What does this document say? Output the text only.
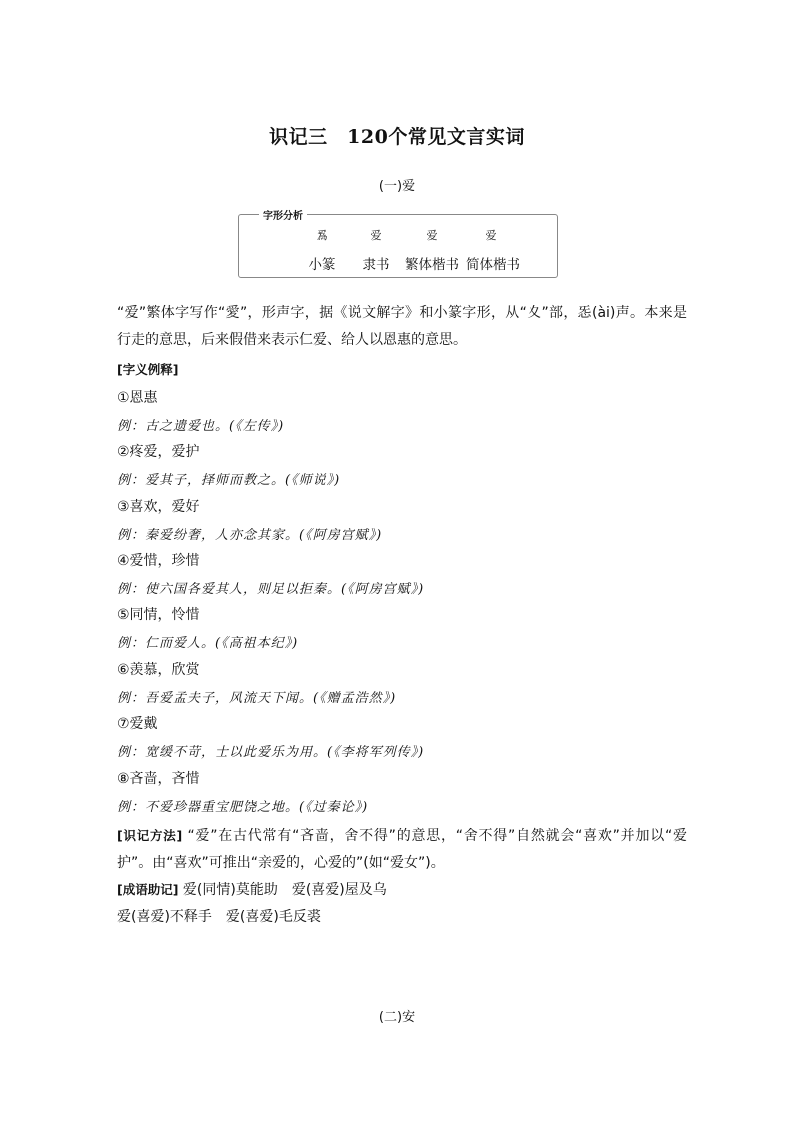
识记三　120个常见文言实词
(一)爱
字形分析
𤔡	爱	爱	爱
小篆	隶书	繁体楷书 简体楷书
“爱”繁体字写作“愛”，形声字，据《说文解字》和小篆字形，从“夊”部，㤅(ài)声。本来是行走的意思，后来假借来表示仁爱、给人以恩惠的意思。
[字义例释]
①恩惠
例：古之遗爱也。(《左传》)
②疼爱，爱护
例：爱其子，择师而教之。(《师说》)
③喜欢，爱好
例：秦爱纷奢，人亦念其家。(《阿房宫赋》)
④爱惜，珍惜
例：使六国各爱其人，则足以拒秦。(《阿房宫赋》)
⑤同情，怜惜
例：仁而爱人。(《高祖本纪》)
⑥羡慕，欣赏
例：吾爱孟夫子，风流天下闻。(《赠孟浩然》)
⑦爱戴
例：宽缓不苛，士以此爱乐为用。(《李将军列传》)
⑧吝啬，吝惜
例：不爱珍器重宝肥饶之地。(《过秦论》)
[识记方法] “爱”在古代常有“吝啬，舍不得”的意思，“舍不得”自然就会“喜欢”并加以“爱护”。由“喜欢”可推出“亲爱的，心爱的”(如“爱女”)。
[成语助记] 爱(同情)莫能助　爱(喜爱)屋及乌
爱(喜爱)不释手　爱(喜爱)毛反裘
(二)安
